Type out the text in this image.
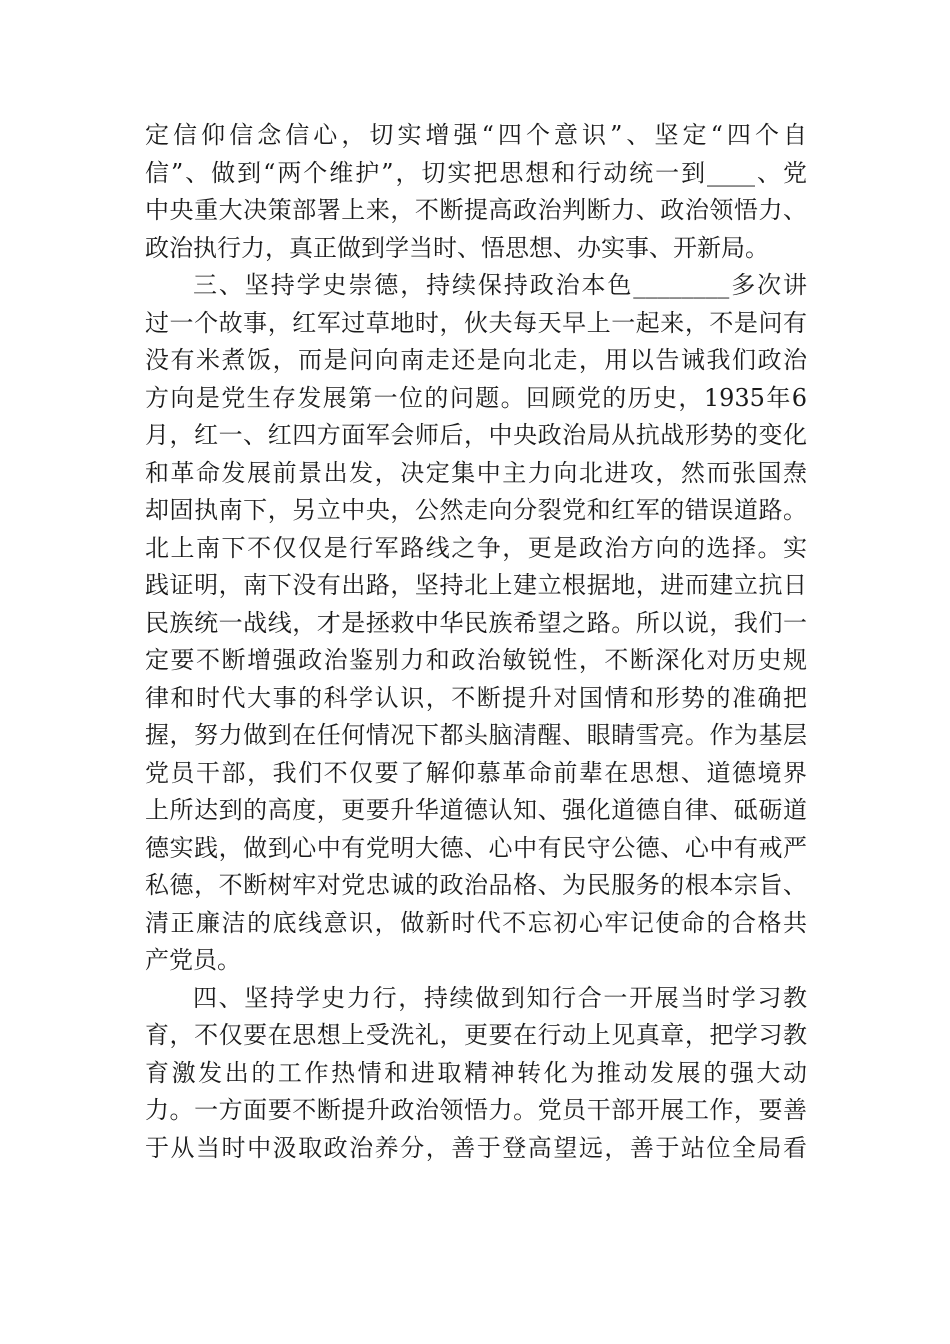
定信仰信念信心，切实增强“四个意识”、坚定“四个自
信”、做到“两个维护”，切实把思想和行动统一到____、党
中央重大决策部署上来，不断提高政治判断力、政治领悟力、
政治执行力，真正做到学当时、悟思想、办实事、开新局。
三、坚持学史崇德，持续保持政治本色________多次讲
过一个故事，红军过草地时，伙夫每天早上一起来，不是问有
没有米煮饭，而是问向南走还是向北走，用以告诫我们政治
方向是党生存发展第一位的问题。回顾党的历史，1935年6
月，红一、红四方面军会师后，中央政治局从抗战形势的变化
和革命发展前景出发，决定集中主力向北进攻，然而张国焘
却固执南下，另立中央，公然走向分裂党和红军的错误道路。
北上南下不仅仅是行军路线之争，更是政治方向的选择。实
践证明，南下没有出路，坚持北上建立根据地，进而建立抗日
民族统一战线，才是拯救中华民族希望之路。所以说，我们一
定要不断增强政治鉴别力和政治敏锐性，不断深化对历史规
律和时代大事的科学认识，不断提升对国情和形势的准确把
握，努力做到在任何情况下都头脑清醒、眼睛雪亮。作为基层
党员干部，我们不仅要了解仰慕革命前辈在思想、道德境界
上所达到的高度，更要升华道德认知、强化道德自律、砥砺道
德实践，做到心中有党明大德、心中有民守公德、心中有戒严
私德，不断树牢对党忠诚的政治品格、为民服务的根本宗旨、
清正廉洁的底线意识，做新时代不忘初心牢记使命的合格共
产党员。
四、坚持学史力行，持续做到知行合一开展当时学习教
育，不仅要在思想上受洗礼，更要在行动上见真章，把学习教
育激发出的工作热情和进取精神转化为推动发展的强大动
力。一方面要不断提升政治领悟力。党员干部开展工作，要善
于从当时中汲取政治养分，善于登高望远，善于站位全局看
